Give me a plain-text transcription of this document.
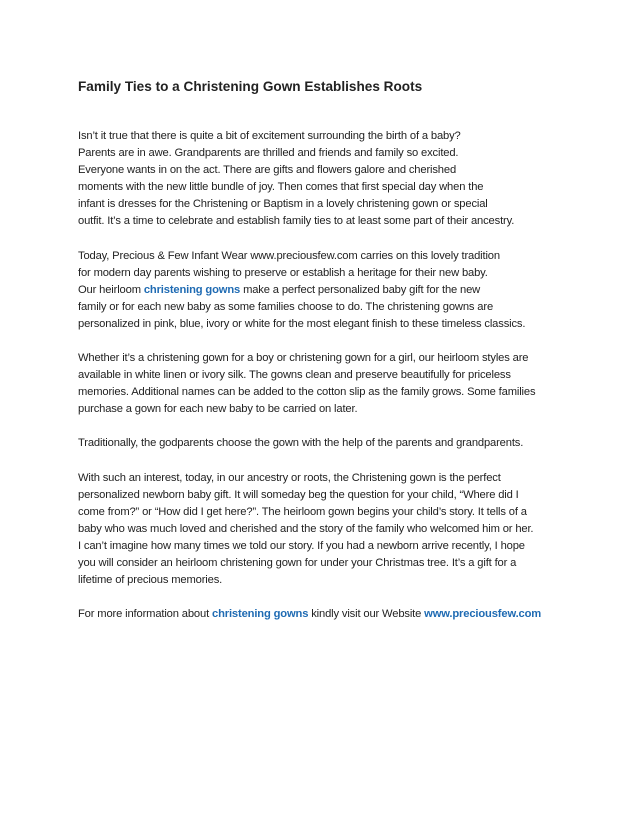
Family Ties to a Christening Gown Establishes Roots
Isn’t it true that there is quite a bit of excitement surrounding the birth of a baby?
Parents are in awe. Grandparents are thrilled and friends and family so excited.
Everyone wants in on the act. There are gifts and flowers galore and cherished
moments with the new little bundle of joy. Then comes that first special day when the
infant is dresses for the Christening or Baptism in a lovely christening gown or special
outfit. It’s a time to celebrate and establish family ties to at least some part of their ancestry.
Today, Precious & Few Infant Wear www.preciousfew.com carries on this lovely tradition
for modern day parents wishing to preserve or establish a heritage for their new baby.
Our heirloom christening gowns make a perfect personalized baby gift for the new
family or for each new baby as some families choose to do. The christening gowns are
personalized in pink, blue, ivory or white for the most elegant finish to these timeless classics.
Whether it’s a christening gown for a boy or christening gown for a girl, our heirloom styles are
available in white linen or ivory silk. The gowns clean and preserve beautifully for priceless
memories. Additional names can be added to the cotton slip as the family grows. Some families
purchase a gown for each new baby to be carried on later.
Traditionally, the godparents choose the gown with the help of the parents and grandparents.
With such an interest, today, in our ancestry or roots, the Christening gown is the perfect
personalized newborn baby gift. It will someday beg the question for your child, “Where did I
come from?” or “How did I get here?”. The heirloom gown begins your child’s story. It tells of a
baby who was much loved and cherished and the story of the family who welcomed him or her.
I can’t imagine how many times we told our story. If you had a newborn arrive recently, I hope
you will consider an heirloom christening gown for under your Christmas tree. It’s a gift for a
lifetime of precious memories.
For more information about christening gowns kindly visit our Website www.preciousfew.com
